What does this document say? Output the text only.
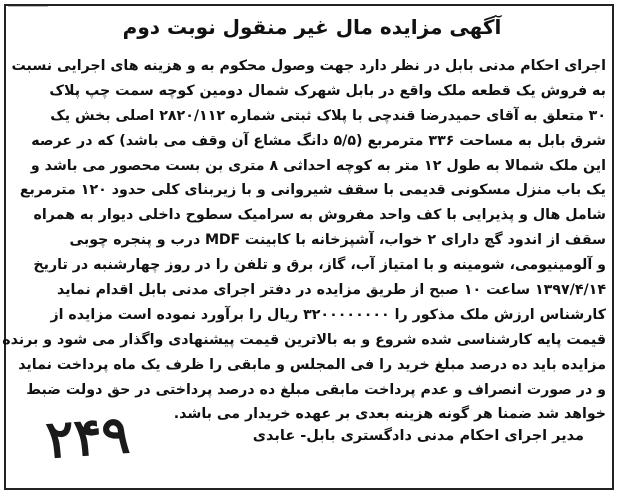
آگهی مزایده مال غیر منقول نوبت دوم
اجرای احکام مدنی بابل در نظر دارد جهت وصول محکوم به و هزینه های اجرایی نسبت
به فروش یک قطعه ملک واقع در بابل شهرک شمال دومین کوچه سمت چپ پلاک
۳۰ متعلق به آقای حمیدرضا قندچی با پلاک ثبتی شماره ۲۸۲۰/۱۱۲ اصلی بخش یک
شرق بابل به مساحت ۳۳۶ مترمربع (۵/۵ دانگ مشاع آن وقف می باشد) که در عرصه
این ملک شمالا به طول ۱۲ متر به کوچه احداثی ۸ متری بن بست محصور می باشد و
یک باب منزل مسکونی قدیمی با سقف شیروانی و با زیربنای کلی حدود ۱۲۰ مترمربع
شامل هال و پذیرایی با کف واحد مفروش به سرامیک سطوح داخلی دیوار به همراه
سقف از اندود گچ دارای ۲ خواب، آشپزخانه با کابینت MDF درب و پنجره چوبی
و آلومینیومی، شومینه و با امتیاز آب، گاز، برق و تلفن را در روز چهارشنبه در تاریخ
۱۳۹۷/۴/۱۴ ساعت ۱۰ صبح از طریق مزایده در دفتر اجرای مدنی بابل اقدام نماید
کارشناس ارزش ملک مذکور را ۳۲۰۰۰۰۰۰۰۰ ریال را برآورد نموده است مزایده از
قیمت پایه کارشناسی شده شروع و به بالاترین قیمت پیشنهادی واگذار می شود و برنده
مزایده باید ده درصد مبلغ خرید را فی المجلس و مابقی را ظرف یک ماه پرداخت نماید
و در صورت انصراف و عدم پرداخت مابقی مبلغ ده درصد پرداختی در حق دولت ضبط
خواهد شد ضمنا هر گونه هزینه بعدی بر عهده خریدار می باشد.
مدیر اجرای احکام مدنی دادگستری بابل- عابدی
۲۴۹
